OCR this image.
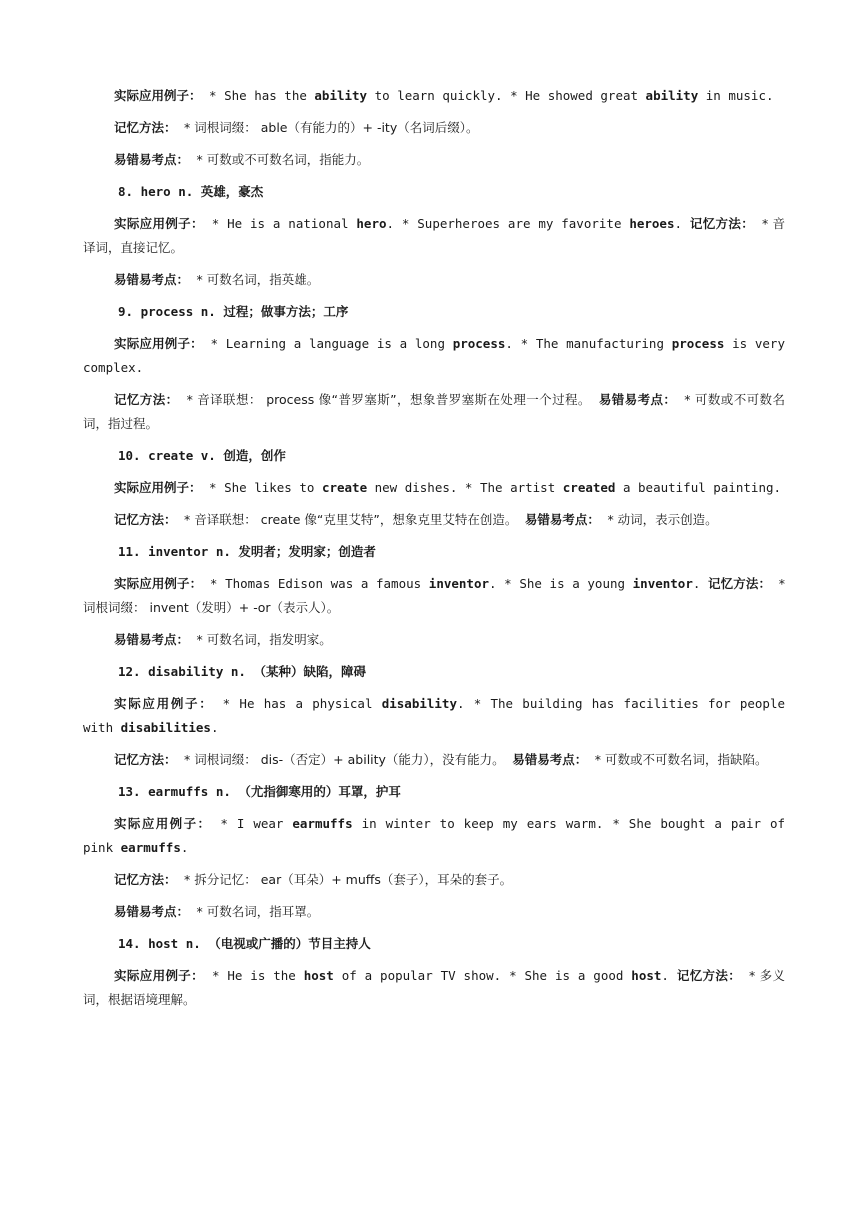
实际应用例子： * She has the ability to learn quickly. * He showed great ability in music.

记忆方法： * 词根词缀： able（有能力的）+ -ity（名词后缀）。

易错易考点： * 可数或不可数名词，指能力。

8. hero n. 英雄，豪杰

实际应用例子： * He is a national hero. * Superheroes are my favorite heroes. 记忆方法： * 音译词，直接记忆。

易错易考点： * 可数名词，指英雄。

9. process n. 过程；做事方法；工序

实际应用例子： * Learning a language is a long process. * The manufacturing process is very complex.

记忆方法： * 音译联想： process 像“普罗塞斯”，想象普罗塞斯在处理一个过程。 易错易考点： * 可数或不可数名词，指过程。

10. create v. 创造，创作

实际应用例子： * She likes to create new dishes. * The artist created a beautiful painting.

记忆方法： * 音译联想： create 像“克里艾特”，想象克里艾特在创造。 易错易考点： * 动词，表示创造。

11. inventor n. 发明者；发明家；创造者

实际应用例子： * Thomas Edison was a famous inventor. * She is a young inventor. 记忆方法： * 词根词缀： invent（发明）+ -or（表示人）。

易错易考点： * 可数名词，指发明家。

12. disability n. （某种）缺陷，障碍

实际应用例子： * He has a physical disability. * The building has facilities for people with disabilities.

记忆方法： * 词根词缀： dis-（否定）+ ability（能力），没有能力。 易错易考点： * 可数或不可数名词，指缺陷。

13. earmuffs n. （尤指御寒用的）耳罩，护耳

实际应用例子： * I wear earmuffs in winter to keep my ears warm. * She bought a pair of pink earmuffs.

记忆方法： * 拆分记忆： ear（耳朵）+ muffs（套子），耳朵的套子。

易错易考点： * 可数名词，指耳罩。

14. host n. （电视或广播的）节目主持人

实际应用例子： * He is the host of a popular TV show. * She is a good host. 记忆方法： * 多义词，根据语境理解。
